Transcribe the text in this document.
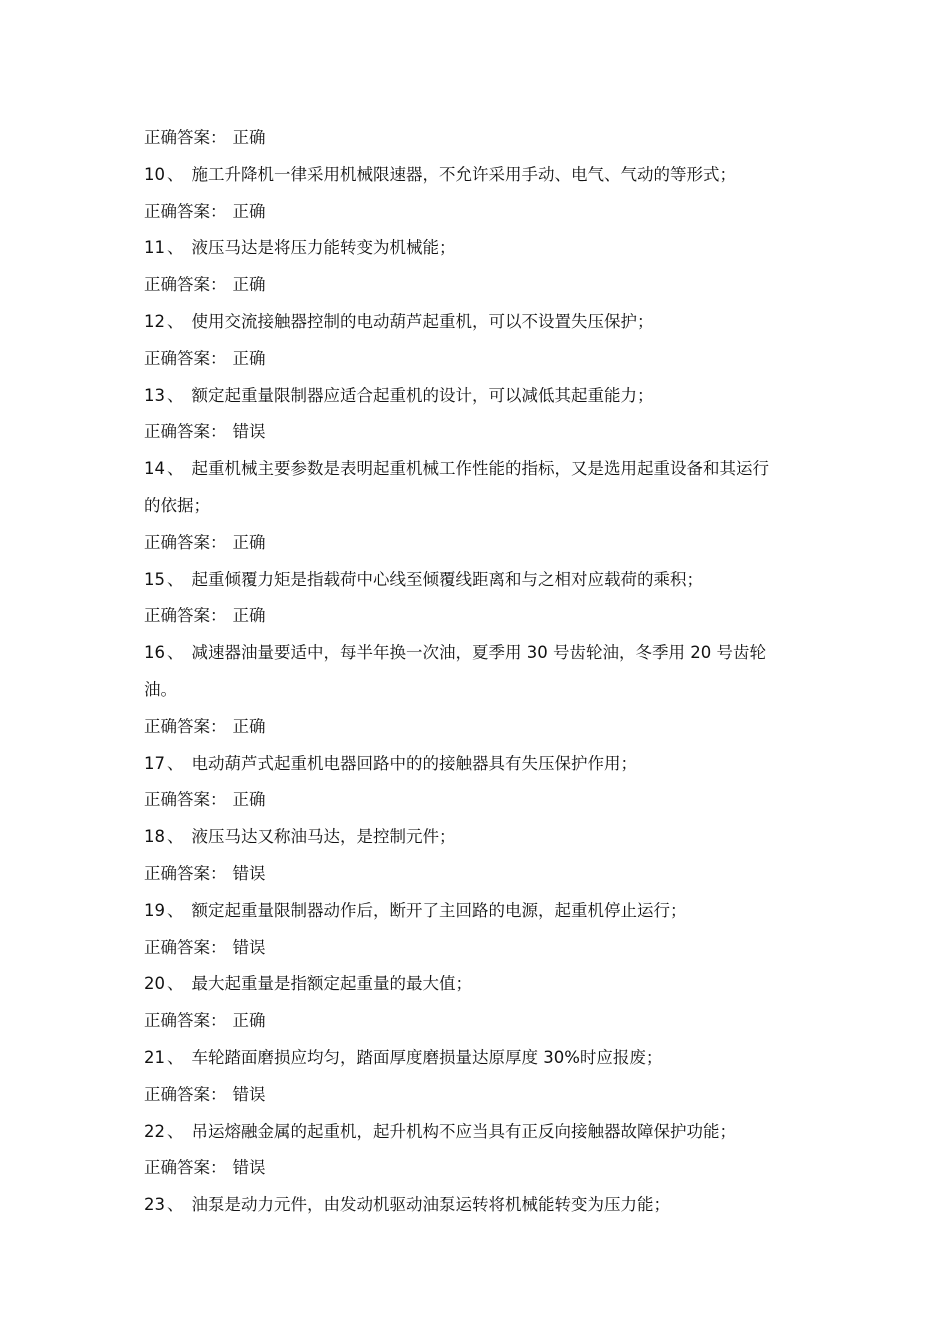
正确答案： 正确
10 、 施工升降机一律采用机械限速器，不允许采用手动、电气、气动的等形式；
正确答案： 正确
11 、 液压马达是将压力能转变为机械能；
正确答案： 正确
12 、 使用交流接触器控制的电动葫芦起重机，可以不设置失压保护；
正确答案： 正确
13 、 额定起重量限制器应适合起重机的设计，可以减低其起重能力；
正确答案： 错误
14 、 起重机械主要参数是表明起重机械工作性能的指标，又是选用起重设备和其运行
的依据；
正确答案： 正确
15 、 起重倾覆力矩是指载荷中心线至倾覆线距离和与之相对应载荷的乘积；
正确答案： 正确
16 、 减速器油量要适中，每半年换一次油，夏季用 30 号齿轮油，冬季用 20 号齿轮
油。
正确答案： 正确
17 、 电动葫芦式起重机电器回路中的的接触器具有失压保护作用；
正确答案： 正确
18 、 液压马达又称油马达，是控制元件；
正确答案： 错误
19 、 额定起重量限制器动作后，断开了主回路的电源，起重机停止运行；
正确答案： 错误
20 、 最大起重量是指额定起重量的最大值；
正确答案： 正确
21 、 车轮踏面磨损应均匀，踏面厚度磨损量达原厚度 30%时应报废；
正确答案： 错误
22 、 吊运熔融金属的起重机，起升机构不应当具有正反向接触器故障保护功能；
正确答案： 错误
23 、 油泵是动力元件，由发动机驱动油泵运转将机械能转变为压力能；
